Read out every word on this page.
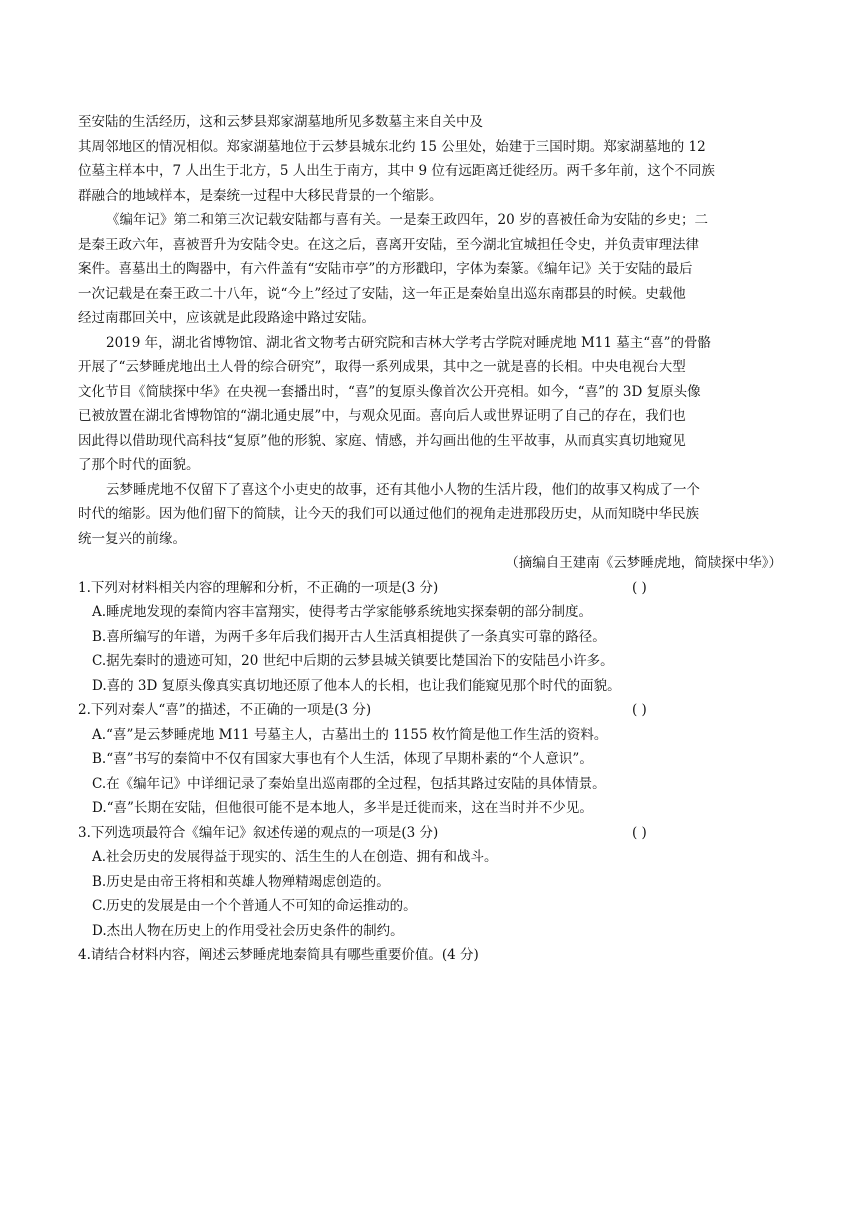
至安陆的生活经历，这和云梦县郑家湖墓地所见多数墓主来自关中及
其周邻地区的情况相似。郑家湖墓地位于云梦县城东北约 15 公里处，始建于三国时期。郑家湖墓地的 12
位墓主样本中，7 人出生于北方，5 人出生于南方，其中 9 位有远距离迁徙经历。两千多年前，这个不同族
群融合的地域样本，是秦统一过程中大移民背景的一个缩影。
《编年记》第二和第三次记载安陆都与喜有关。一是秦王政四年，20 岁的喜被任命为安陆的乡史；二
是秦王政六年，喜被晋升为安陆令史。在这之后，喜离开安陆，至今湖北宜城担任令史，并负责审理法律
案件。喜墓出土的陶器中，有六件盖有“安陆市亭”的方形戳印，字体为秦篆。《编年记》关于安陆的最后
一次记载是在秦王政二十八年，说“今上”经过了安陆，这一年正是秦始皇出巡东南郡县的时候。史载他
经过南郡回关中，应该就是此段路途中路过安陆。
2019 年，湖北省博物馆、湖北省文物考古研究院和吉林大学考古学院对睡虎地 M11 墓主“喜”的骨骼
开展了“云梦睡虎地出土人骨的综合研究”，取得一系列成果，其中之一就是喜的长相。中央电视台大型
文化节目《简牍探中华》在央视一套播出时，“喜”的复原头像首次公开亮相。如今，“喜”的 3D 复原头像
已被放置在湖北省博物馆的“湖北通史展”中，与观众见面。喜向后人或世界证明了自己的存在，我们也
因此得以借助现代高科技“复原”他的形貌、家庭、情感，并勾画出他的生平故事，从而真实真切地窥见
了那个时代的面貌。
云梦睡虎地不仅留下了喜这个小吏史的故事，还有其他小人物的生活片段，他们的故事又构成了一个
时代的缩影。因为他们留下的简牍，让今天的我们可以通过他们的视角走进那段历史，从而知晓中华民族
统一复兴的前缘。
（摘编自王建南《云梦睡虎地，简牍探中华》）
1.下列对材料相关内容的理解和分析，不正确的一项是(3 分)	( )
A.睡虎地发现的秦简内容丰富翔实，使得考古学家能够系统地实探秦朝的部分制度。
B.喜所编写的年谱，为两千多年后我们揭开古人生活真相提供了一条真实可靠的路径。
C.据先秦时的遗迹可知，20 世纪中后期的云梦县城关镇要比楚国治下的安陆邑小许多。
D.喜的 3D 复原头像真实真切地还原了他本人的长相，也让我们能窥见那个时代的面貌。
2.下列对秦人“喜”的描述，不正确的一项是(3 分)	( )
A.“喜”是云梦睡虎地 M11 号墓主人，古墓出土的 1155 枚竹简是他工作生活的资料。
B.“喜”书写的秦简中不仅有国家大事也有个人生活，体现了早期朴素的“个人意识”。
C.在《编年记》中详细记录了秦始皇出巡南郡的全过程，包括其路过安陆的具体情景。
D.“喜”长期在安陆，但他很可能不是本地人，多半是迁徙而来，这在当时并不少见。
3.下列选项最符合《编年记》叙述传递的观点的一项是(3 分)	( )
A.社会历史的发展得益于现实的、活生生的人在创造、拥有和战斗。
B.历史是由帝王将相和英雄人物殚精竭虑创造的。
C.历史的发展是由一个个普通人不可知的命运推动的。
D.杰出人物在历史上的作用受社会历史条件的制约。
4.请结合材料内容，阐述云梦睡虎地秦简具有哪些重要价值。(4 分)
